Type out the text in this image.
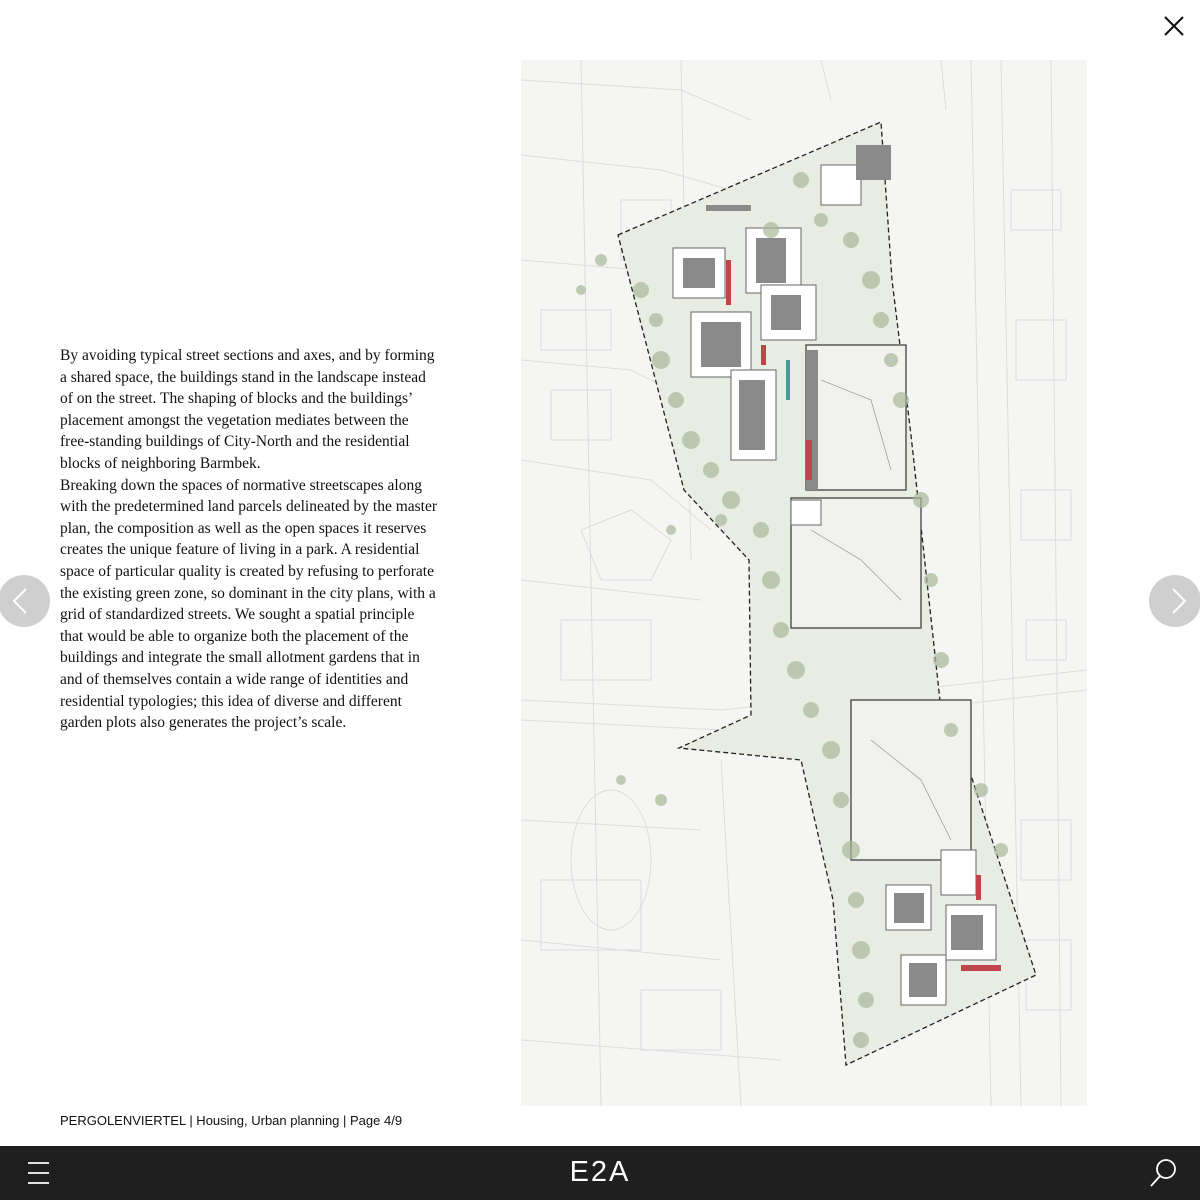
By avoiding typical street sections and axes, and by forming a shared space, the buildings stand in the landscape instead of on the street. The shaping of blocks and the buildings’ placement amongst the vegetation mediates between the free-standing buildings of City-North and the residential blocks of neighboring Barmbek.

Breaking down the spaces of normative streetscapes along with the predetermined land parcels delineated by the master plan, the composition as well as the open spaces it reserves creates the unique feature of living in a park. A residential space of particular quality is created by refusing to perforate the existing green zone, so dominant in the city plans, with a grid of standardized streets. We sought a spatial principle that would be able to organize both the placement of the buildings and integrate the small allotment gardens that in and of themselves contain a wide range of identities and residential typologies; this idea of diverse and different garden plots also generates the project’s scale.

PERGOLENVIERTEL | Housing, Urban planning | Page 4/9
E2A
